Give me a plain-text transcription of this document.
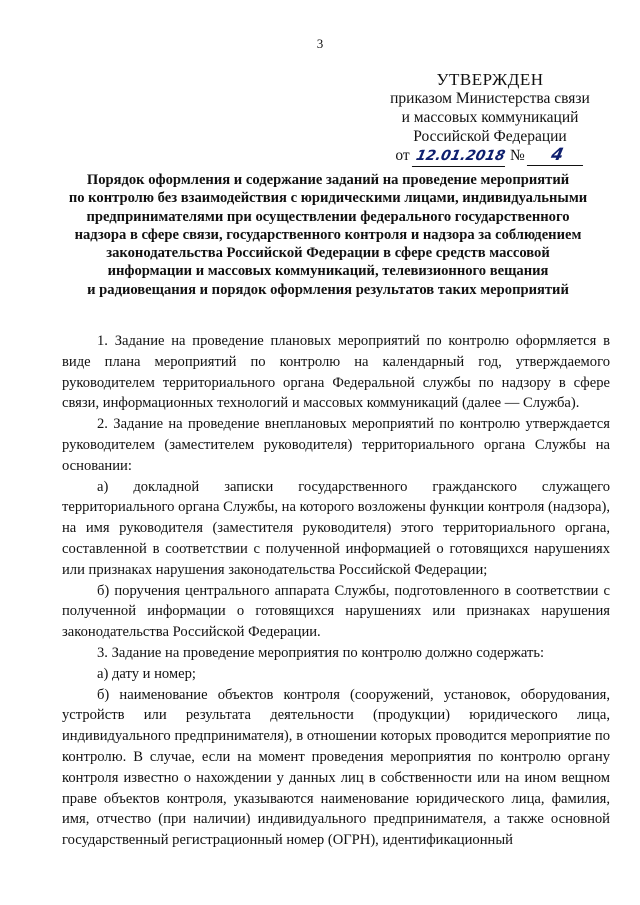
3
УТВЕРЖДЕН
приказом Министерства связи
и массовых коммуникаций
Российской Федерации
от 12.01.2018 № 4
Порядок оформления и содержание заданий на проведение мероприятий
по контролю без взаимодействия с юридическими лицами, индивидуальными
предпринимателями при осуществлении федерального государственного
надзора в сфере связи, государственного контроля и надзора за соблюдением
законодательства Российской Федерации в сфере средств массовой
информации и массовых коммуникаций, телевизионного вещания
и радиовещания и порядок оформления результатов таких мероприятий

1. Задание на проведение плановых мероприятий по контролю оформляется в виде плана мероприятий по контролю на календарный год, утверждаемого руководителем территориального органа Федеральной службы по надзору в сфере связи, информационных технологий и массовых коммуникаций (далее — Служба).

2. Задание на проведение внеплановых мероприятий по контролю утверждается руководителем (заместителем руководителя) территориального органа Службы на основании:

а) докладной записки государственного гражданского служащего территориального органа Службы, на которого возложены функции контроля (надзора), на имя руководителя (заместителя руководителя) этого территориального органа, составленной в соответствии с полученной информацией о готовящихся нарушениях или признаках нарушения законодательства Российской Федерации;

б) поручения центрального аппарата Службы, подготовленного в соответствии с полученной информации о готовящихся нарушениях или признаках нарушения законодательства Российской Федерации.

3. Задание на проведение мероприятия по контролю должно содержать:

а) дату и номер;

б) наименование объектов контроля (сооружений, установок, оборудования, устройств или результата деятельности (продукции) юридического лица, индивидуального предпринимателя), в отношении которых проводится мероприятие по контролю. В случае, если на момент проведения мероприятия по контролю органу контроля известно о нахождении у данных лиц в собственности или на ином вещном праве объектов контроля, указываются наименование юридического лица, фамилия, имя, отчество (при наличии) индивидуального предпринимателя, а также основной государственный регистрационный номер (ОГРН), идентификационный
